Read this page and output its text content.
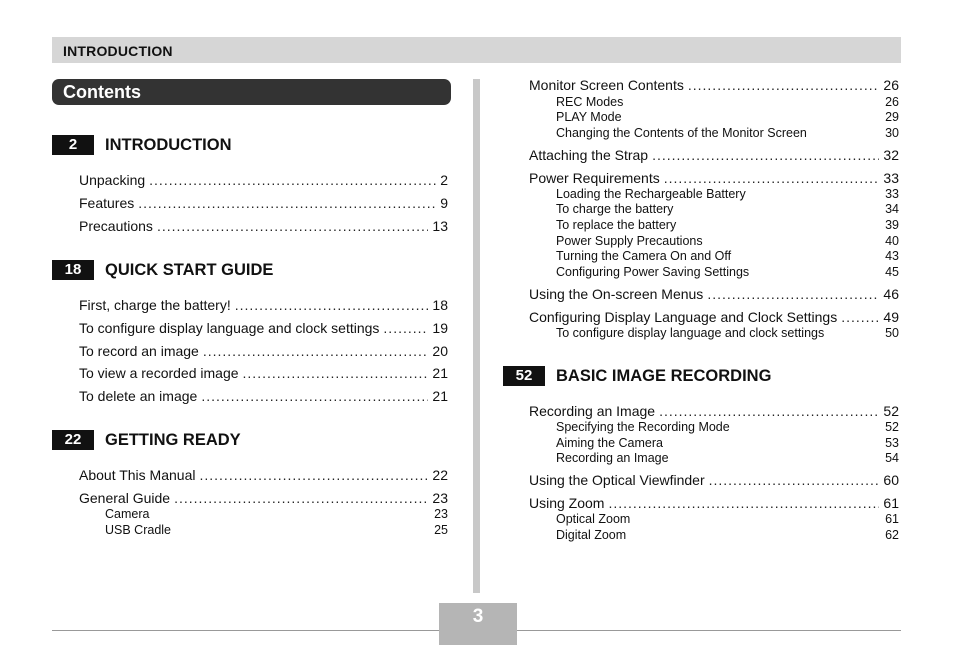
INTRODUCTION
Contents
2	INTRODUCTION
Unpacking .....	2
Features .....	9
Precautions .....	13
18	QUICK START GUIDE
First, charge the battery! .....	18
To configure display language and clock settings .....	19
To record an image .....	20
To view a recorded image .....	21
To delete an image .....	21
22	GETTING READY
About This Manual .....	22
General Guide .....	23
Camera	23
USB Cradle	25
Monitor Screen Contents .....	26
REC Modes	26
PLAY Mode	29
Changing the Contents of the Monitor Screen	30
Attaching the Strap .....	32
Power Requirements .....	33
Loading the Rechargeable Battery	33
To charge the battery	34
To replace the battery	39
Power Supply Precautions	40
Turning the Camera On and Off	43
Configuring Power Saving Settings	45
Using the On-screen Menus .....	46
Configuring Display Language and Clock Settings .....	49
To configure display language and clock settings	50
52	BASIC IMAGE RECORDING
Recording an Image .....	52
Specifying the Recording Mode	52
Aiming the Camera	53
Recording an Image	54
Using the Optical Viewfinder .....	60
Using Zoom .....	61
Optical Zoom	61
Digital Zoom	62
3
